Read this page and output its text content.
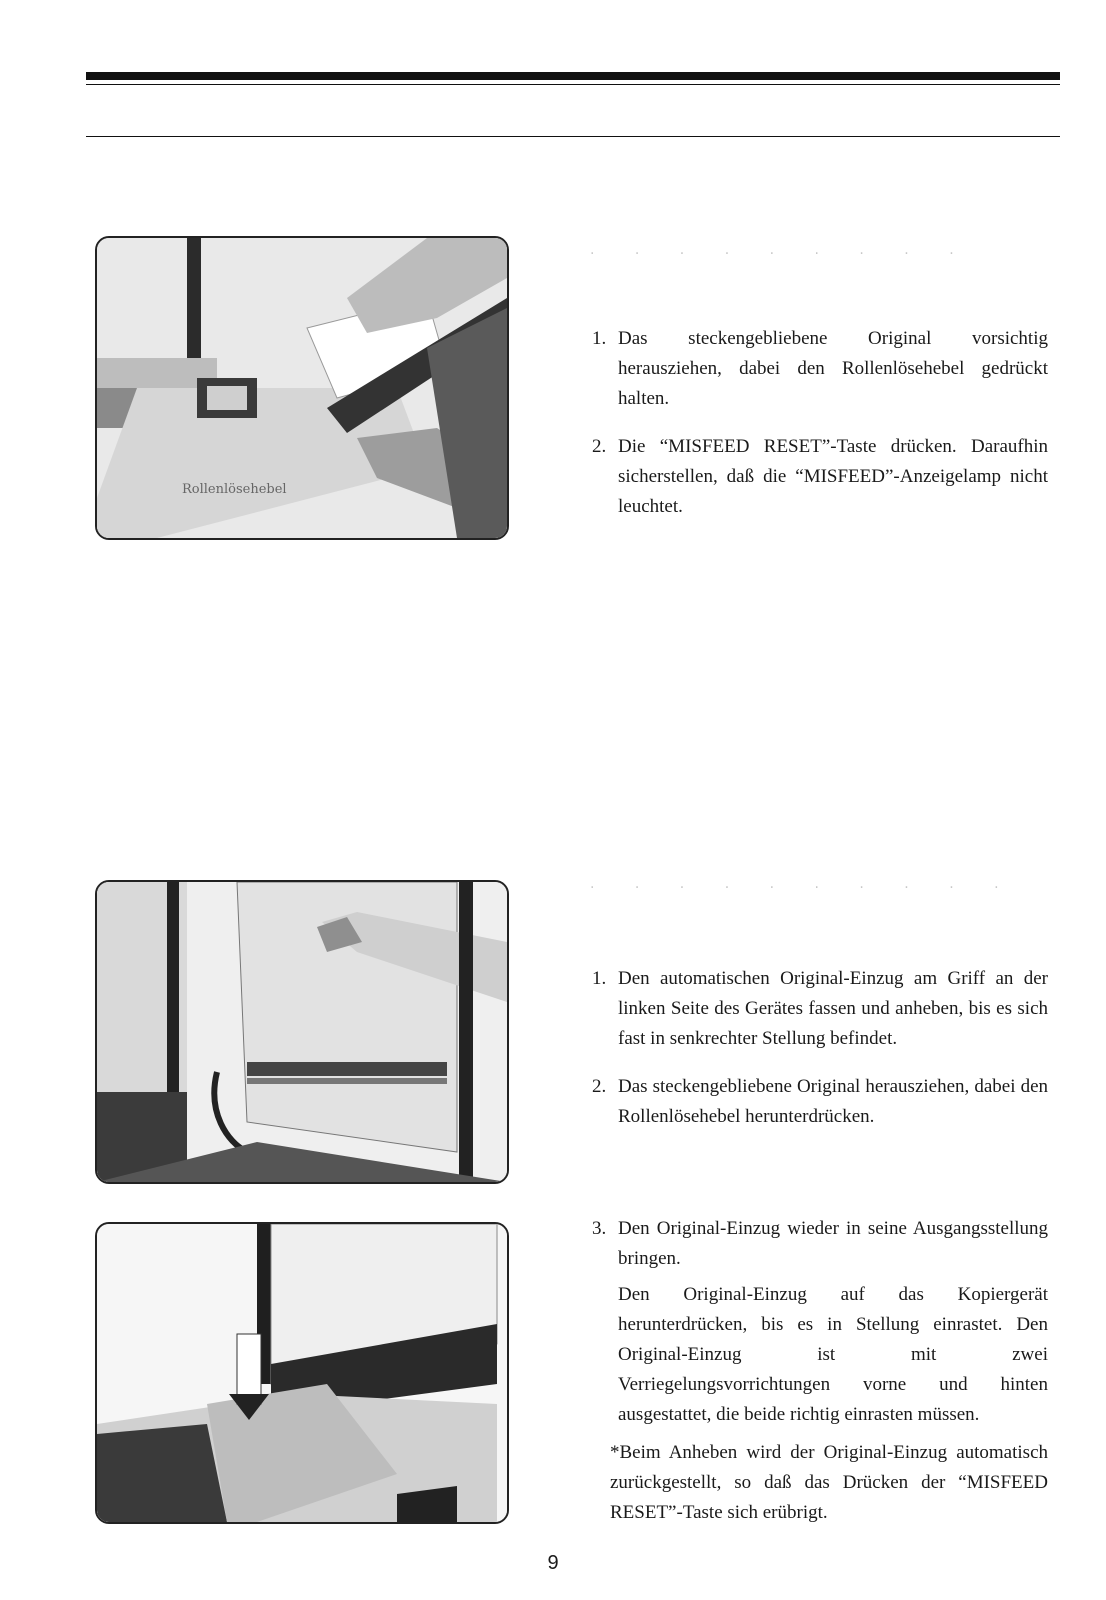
· · · · · · · · ·
· · · · · · · · · ·
Rollenlösehebel
1. Das steckengebliebene Original vorsichtig herausziehen, dabei den Rollenlösehebel gedrückt halten.
2. Die “MISFEED RESET”-Taste drücken. Daraufhin sicherstellen, daß die “MISFEED”-Anzeigelamp nicht leuchtet.
1. Den automatischen Original-Einzug am Griff an der linken Seite des Gerätes fassen und anheben, bis es sich fast in senkrechter Stellung befindet.
2. Das steckengebliebene Original herausziehen, dabei den Rollenlösehebel herunterdrücken.
3. Den Original-Einzug wieder in seine Ausgangsstellung bringen.
Den Original-Einzug auf das Kopiergerät herunterdrücken, bis es in Stellung einrastet. Den Original-Einzug ist mit zwei Verriegelungsvorrichtungen vorne und hinten ausgestattet, die beide richtig einrasten müssen.
*Beim Anheben wird der Original-Einzug automatisch zurückgestellt, so daß das Drücken der “MISFEED RESET”-Taste sich erübrigt.
9
